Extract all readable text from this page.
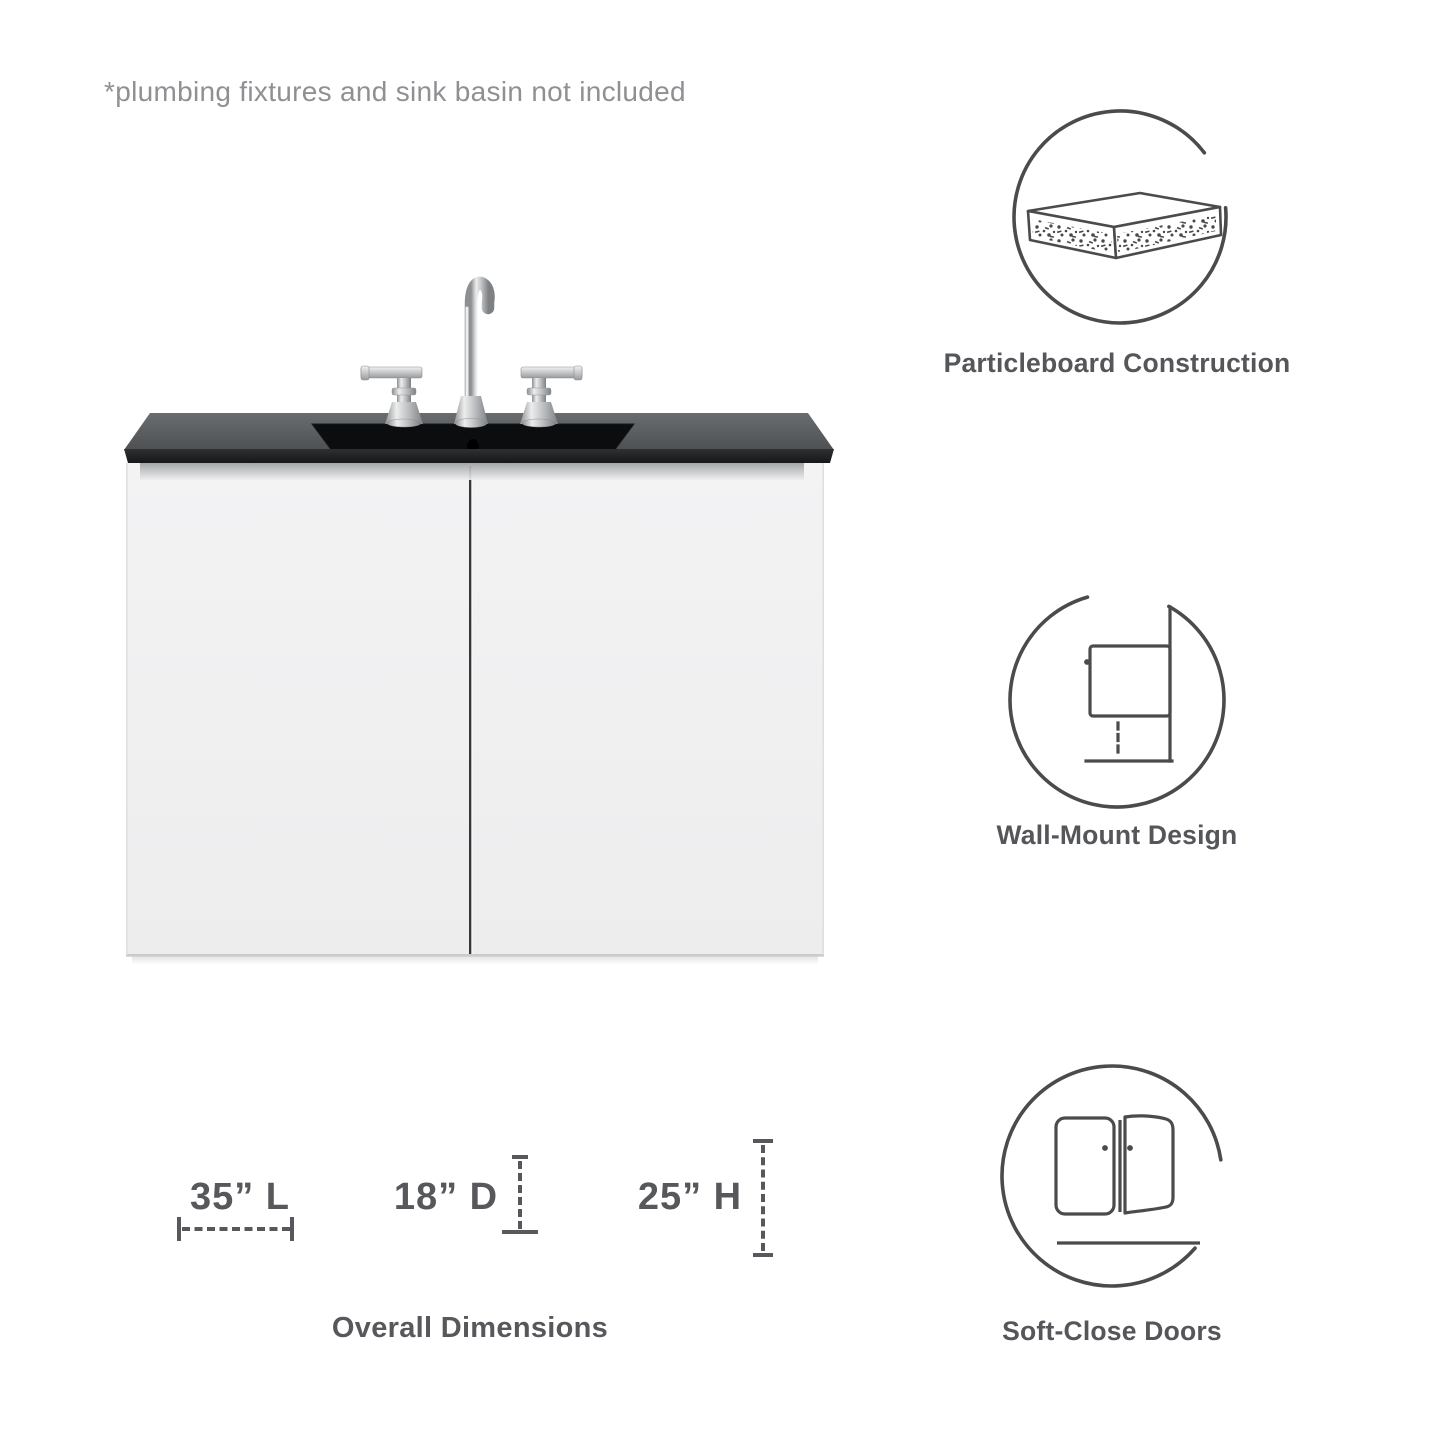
*plumbing fixtures and sink basin not included
Particleboard Construction
Wall-Mount Design
Soft-Close Doors
35” L	18” D	25” H
Overall Dimensions
